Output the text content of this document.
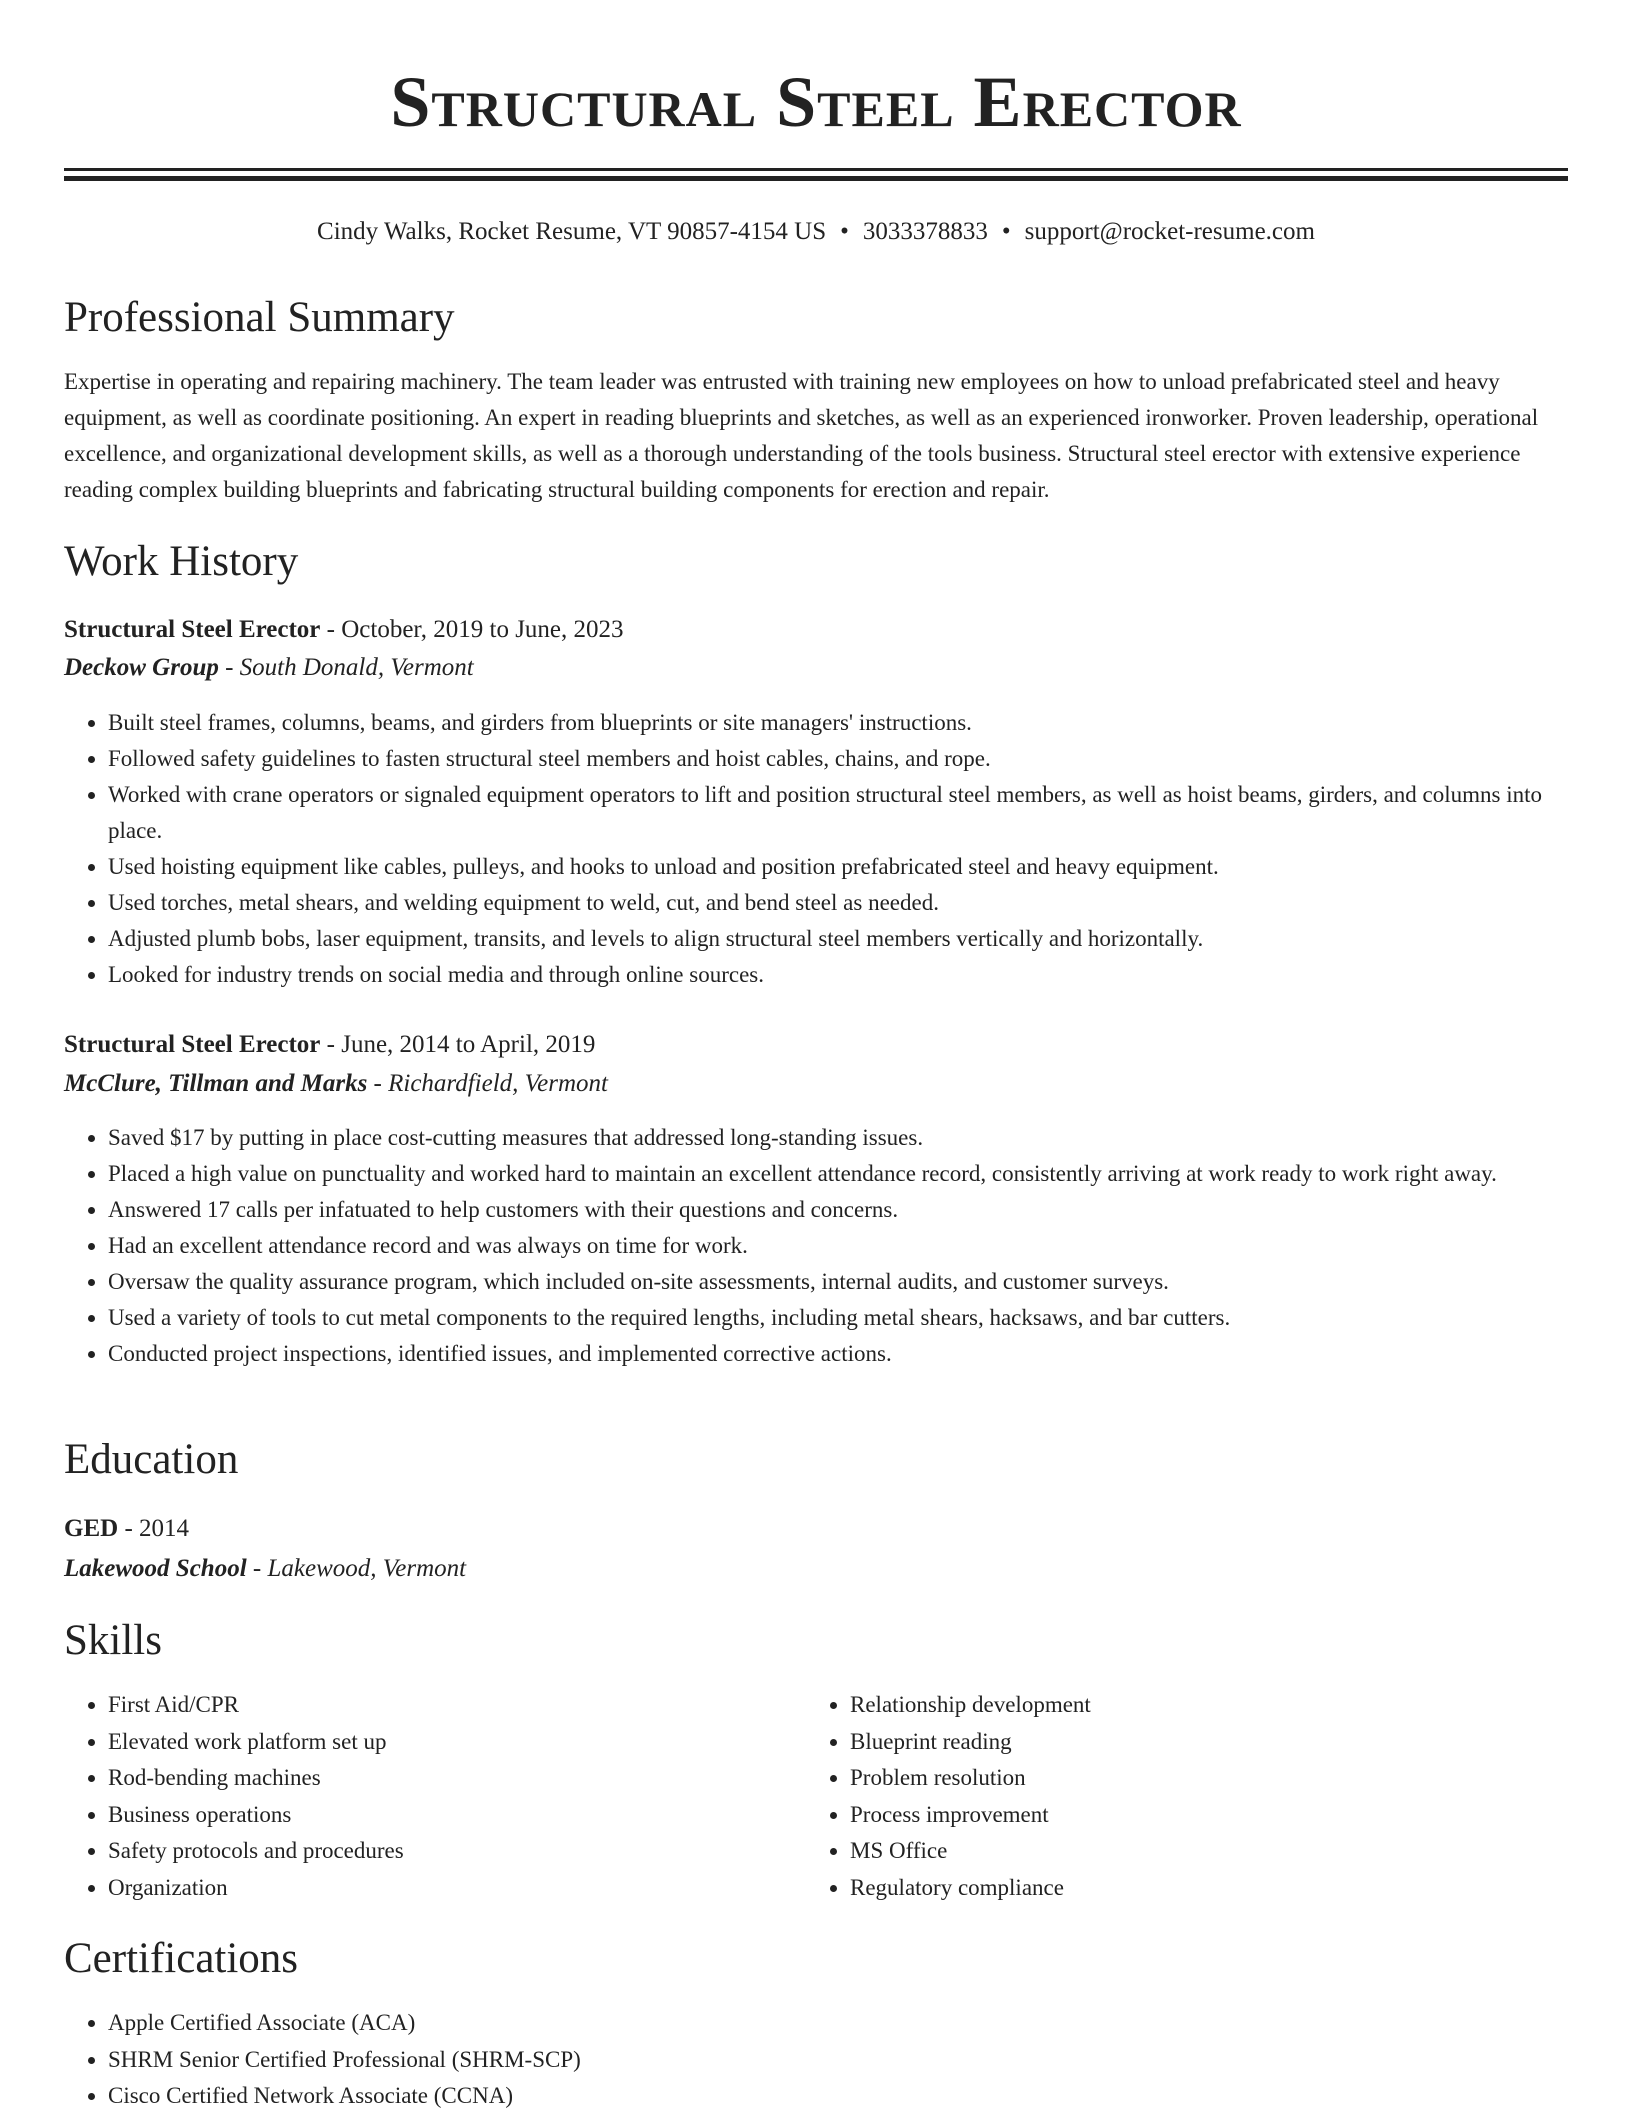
Structural Steel Erector
Cindy Walks, Rocket Resume, VT 90857-4154 US • 3033378833 • support@rocket-resume.com
Professional Summary
Expertise in operating and repairing machinery. The team leader was entrusted with training new employees on how to unload prefabricated steel and heavy equipment, as well as coordinate positioning. An expert in reading blueprints and sketches, as well as an experienced ironworker. Proven leadership, operational excellence, and organizational development skills, as well as a thorough understanding of the tools business. Structural steel erector with extensive experience reading complex building blueprints and fabricating structural building components for erection and repair.
Work History
Structural Steel Erector - October, 2019 to June, 2023
Deckow Group - South Donald, Vermont
• Built steel frames, columns, beams, and girders from blueprints or site managers' instructions.
• Followed safety guidelines to fasten structural steel members and hoist cables, chains, and rope.
• Worked with crane operators or signaled equipment operators to lift and position structural steel members, as well as hoist beams, girders, and columns into place.
• Used hoisting equipment like cables, pulleys, and hooks to unload and position prefabricated steel and heavy equipment.
• Used torches, metal shears, and welding equipment to weld, cut, and bend steel as needed.
• Adjusted plumb bobs, laser equipment, transits, and levels to align structural steel members vertically and horizontally.
• Looked for industry trends on social media and through online sources.
Structural Steel Erector - June, 2014 to April, 2019
McClure, Tillman and Marks - Richardfield, Vermont
• Saved $17 by putting in place cost-cutting measures that addressed long-standing issues.
• Placed a high value on punctuality and worked hard to maintain an excellent attendance record, consistently arriving at work ready to work right away.
• Answered 17 calls per infatuated to help customers with their questions and concerns.
• Had an excellent attendance record and was always on time for work.
• Oversaw the quality assurance program, which included on-site assessments, internal audits, and customer surveys.
• Used a variety of tools to cut metal components to the required lengths, including metal shears, hacksaws, and bar cutters.
• Conducted project inspections, identified issues, and implemented corrective actions.
Education
GED - 2014
Lakewood School - Lakewood, Vermont
Skills
• First Aid/CPR
• Elevated work platform set up
• Rod-bending machines
• Business operations
• Safety protocols and procedures
• Organization
• Relationship development
• Blueprint reading
• Problem resolution
• Process improvement
• MS Office
• Regulatory compliance
Certifications
• Apple Certified Associate (ACA)
• SHRM Senior Certified Professional (SHRM-SCP)
• Cisco Certified Network Associate (CCNA)
